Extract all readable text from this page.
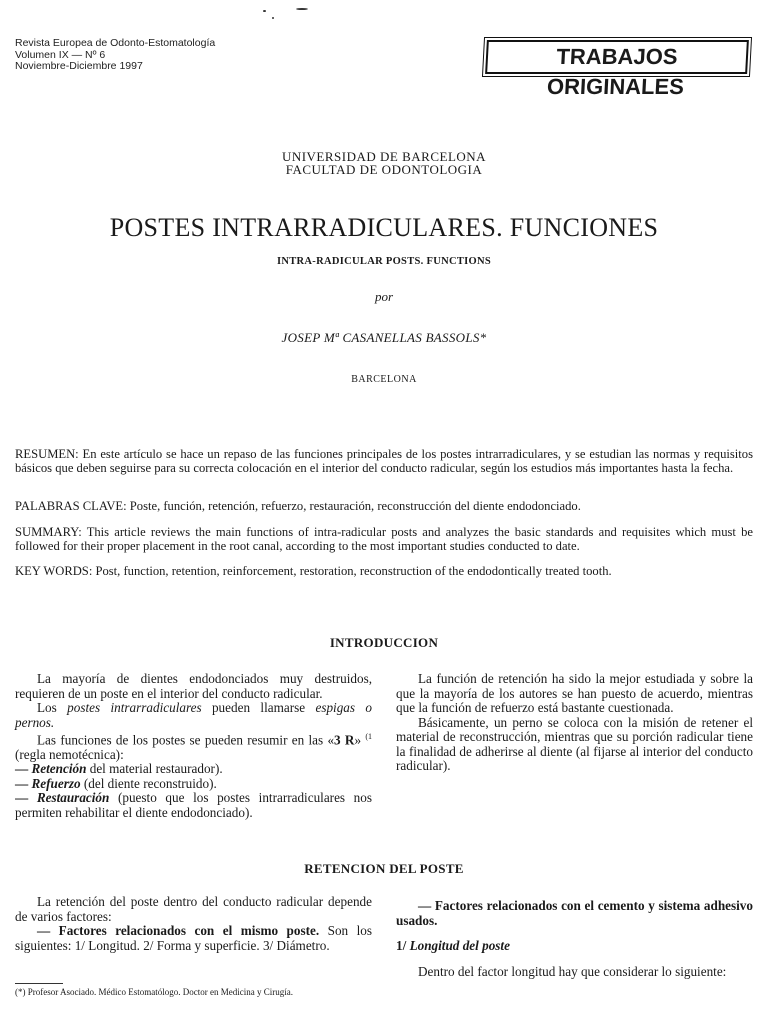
Revista Europea de Odonto-Estomatología
Volumen IX — Nº 6
Noviembre-Diciembre 1997	TRABAJOS ORIGINALES
UNIVERSIDAD DE BARCELONA
FACULTAD DE ODONTOLOGIA
POSTES INTRARRADICULARES. FUNCIONES
INTRA-RADICULAR POSTS. FUNCTIONS
por
JOSEP Mª CASANELLAS BASSOLS*
BARCELONA
RESUMEN: En este artículo se hace un repaso de las funciones principales de los postes intrarradiculares, y se estudian las normas y requisitos básicos que deben seguirse para su correcta colocación en el interior del conducto radicular, según los estudios más importantes hasta la fecha.
PALABRAS CLAVE: Poste, función, retención, refuerzo, restauración, reconstrucción del diente endodonciado.
SUMMARY: This article reviews the main functions of intra-radicular posts and analyzes the basic standards and requisites which must be followed for their proper placement in the root canal, according to the most important studies conducted to date.
KEY WORDS: Post, function, retention, reinforcement, restoration, reconstruction of the endodontically treated tooth.
INTRODUCCION

La mayoría de dientes endodonciados muy destruidos, requieren de un poste en el interior del conducto radicular.

Los postes intrarradiculares pueden llamarse espigas o pernos.

Las funciones de los postes se pueden resumir en las «3 R» $^{(1}$ (regla nemotécnica):

— Retención del material restaurador).

— Refuerzo (del diente reconstruido).

— Restauración (puesto que los postes intrarradiculares nos permiten rehabilitar el diente endodonciado).

La función de retención ha sido la mejor estudiada y sobre la que la mayoría de los autores se han puesto de acuerdo, mientras que la función de refuerzo está bastante cuestionada.

Básicamente, un perno se coloca con la misión de retener el material de reconstrucción, mientras que su porción radicular tiene la finalidad de adherirse al diente (al fijarse al interior del conducto radicular).

RETENCION DEL POSTE

La retención del poste dentro del conducto radicular depende de varios factores:

— Factores relacionados con el mismo poste. Son los siguientes: 1/ Longitud. 2/ Forma y superficie. 3/ Diámetro.

— Factores relacionados con el cemento y sistema adhesivo usados.

1/ Longitud del poste

Dentro del factor longitud hay que considerar lo siguiente:

(*) Profesor Asociado. Médico Estomatólogo. Doctor en Medicina y Cirugía.
